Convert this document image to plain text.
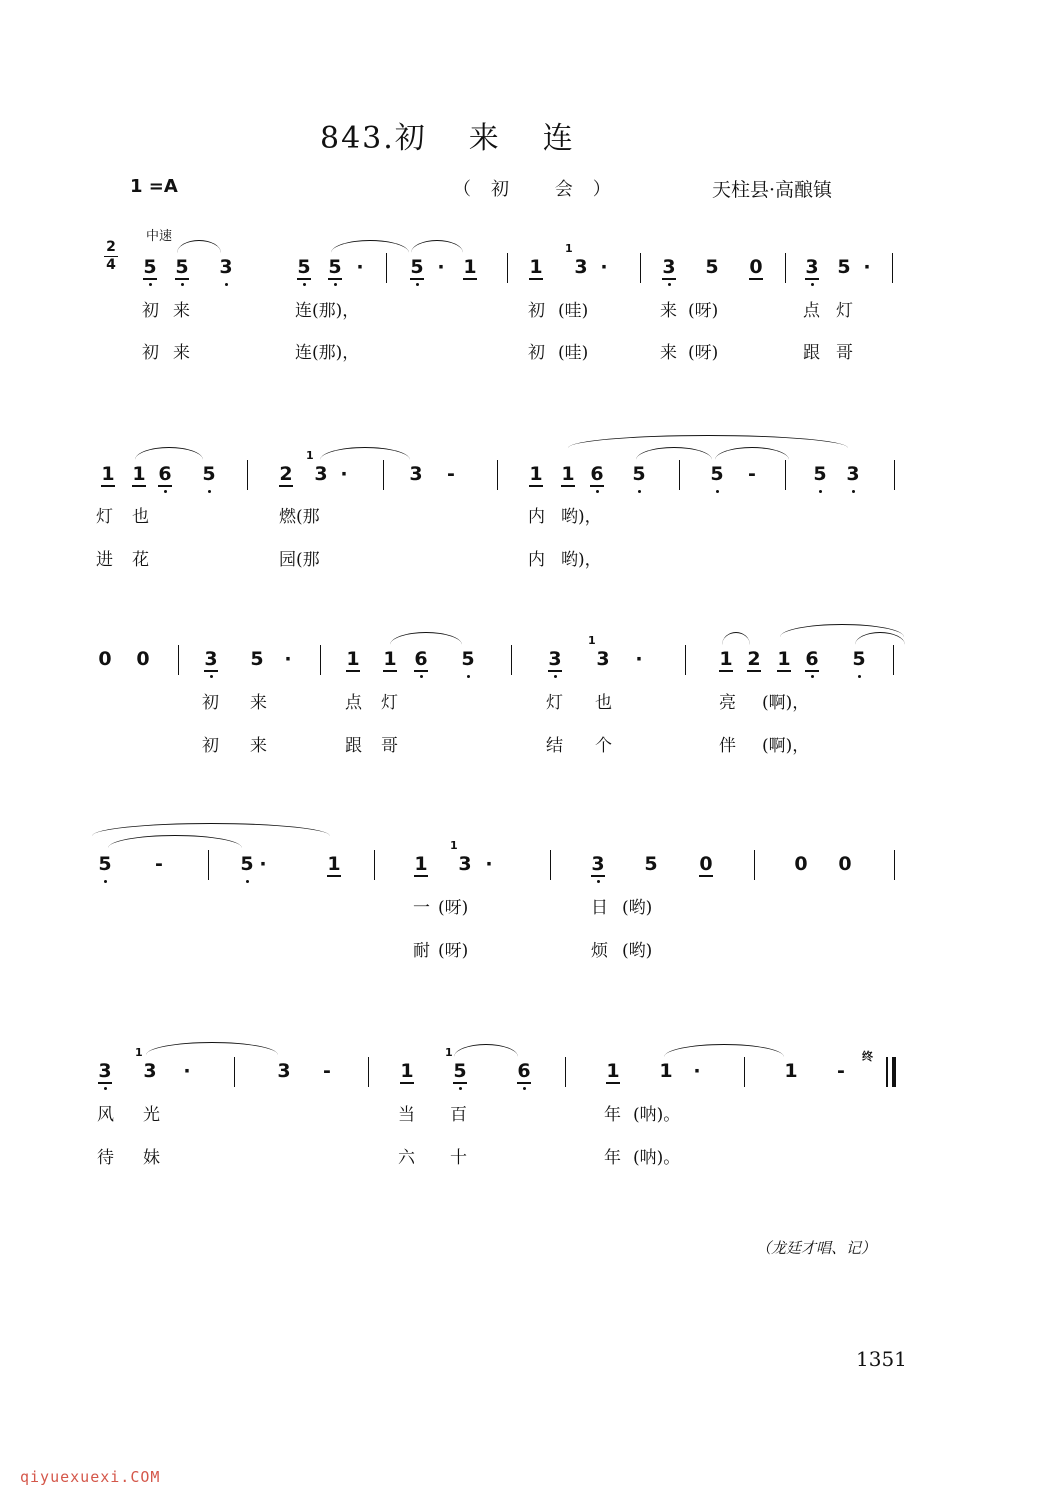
843.初 来 连
1 =A	（初 会）	天柱县·高酿镇
中速
2
4 5 5 3	5 5 · 5 · 1	1
1
3 ·	3 5 0 3 5 ·
初 来	连(那)，	初 (哇)	来 (呀)	点 灯
初 来	连(那)，	初 (哇)	来 (呀)	跟 哥
1 1 6 5	2
1
3 ·	3 -	1 1 6 5	5 -	5 3
灯 也	燃(那	内 哟)，
进 花	园(那	内 哟)，
0 0	3 5 ·	1 1 6 5	3
1
3 ·	1 2 1 6 5
初 来	点 灯	灯 也	亮 (啊)，
初 来	跟 哥	结 个	伴 (啊)，
5 -	5 ·	1	1
1
3 ·	3 5 0	0 0
一 (呀)	日 (哟)
耐 (呀)	烦 (哟)
3
1
3 ·	3 -	1
1
5	6	1 1 ·	1 -
终
风 光	当 百	年 (呐)。
待 妹	六 十	年 (呐)。
（龙廷才唱、记）
1351
qiyuexuexi.COM
